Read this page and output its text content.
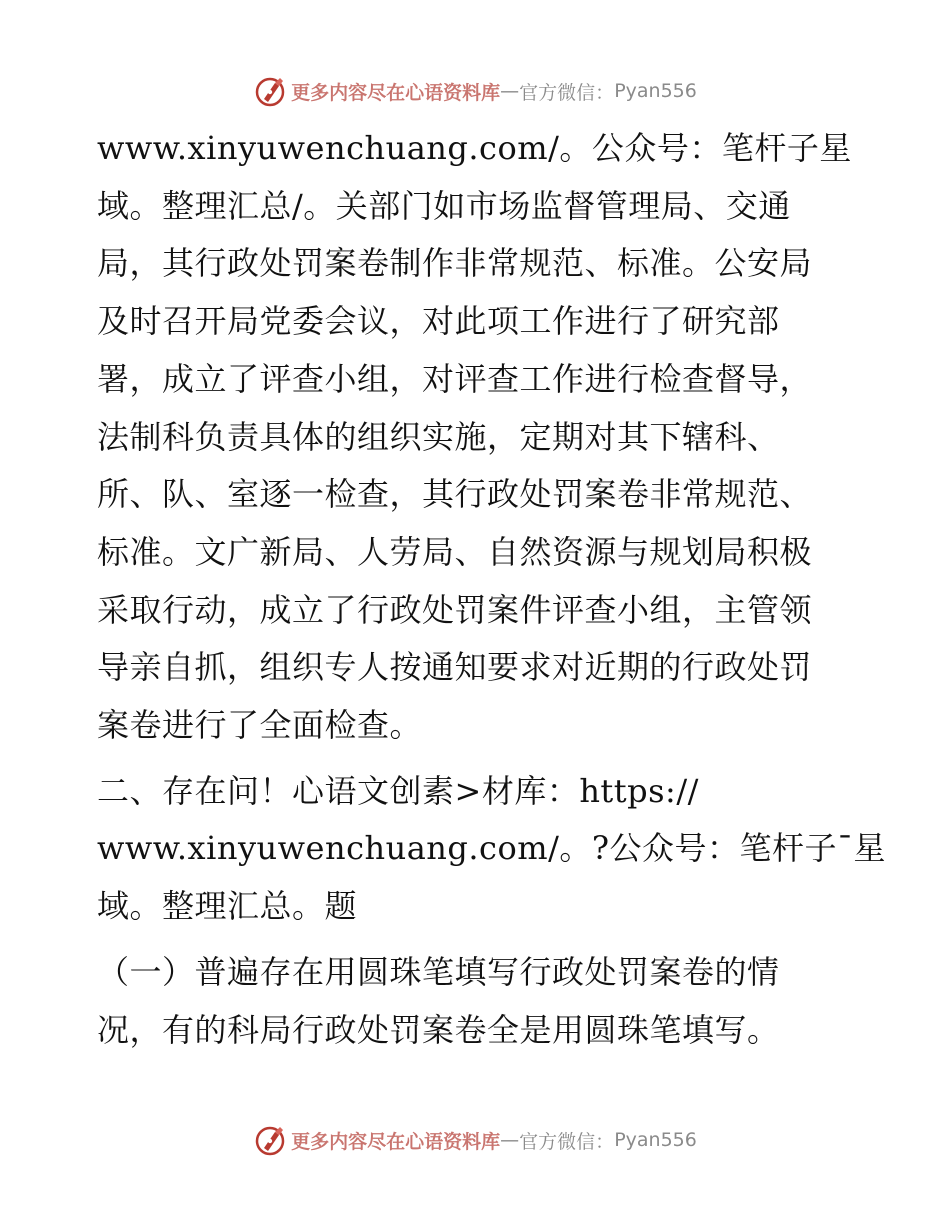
更多内容尽在心语资料库 — 官方微信： Pyan556

www.xinyuwenchuang.com/。公众号：笔杆子星
域。整理汇总/。关部门如市场监督管理局、交通
局，其行政处罚案卷制作非常规范、标准。公安局
及时召开局党委会议，对此项工作进行了研究部
署，成立了评查小组，对评查工作进行检查督导，
法制科负责具体的组织实施，定期对其下辖科、
所、队、室逐一检查，其行政处罚案卷非常规范、
标准。文广新局、人劳局、自然资源与规划局积极
采取行动，成立了行政处罚案件评查小组，主管领
导亲自抓，组织专人按通知要求对近期的行政处罚
案卷进行了全面检查。

二、存在问！心语文创素>材库：https://
www.xinyuwenchuang.com/。?公众号：笔杆子¯星
域。整理汇总。题

（一）普遍存在用圆珠笔填写行政处罚案卷的情
况，有的科局行政处罚案卷全是用圆珠笔填写。

更多内容尽在心语资料库 — 官方微信： Pyan556
